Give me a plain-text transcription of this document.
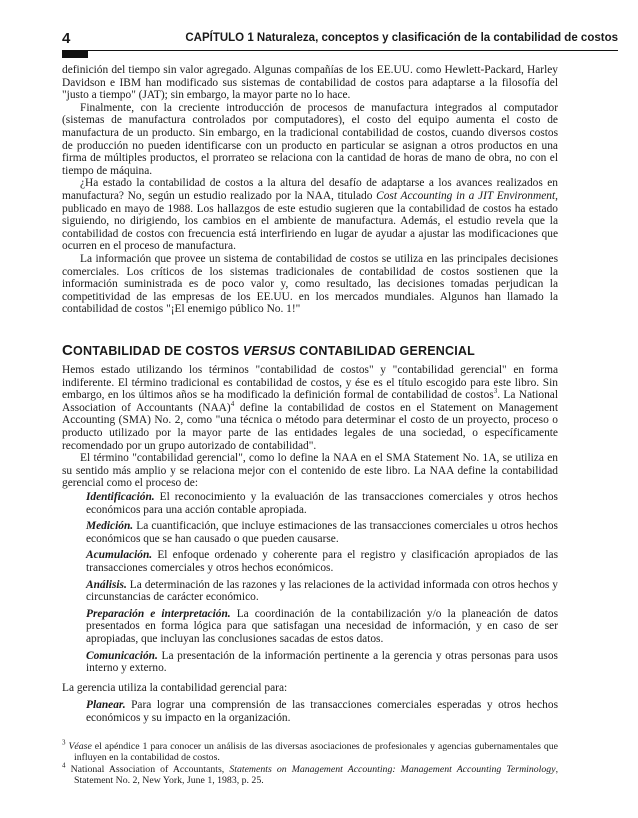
4	CAPÍTULO 1 Naturaleza, conceptos y clasificación de la contabilidad de costos

definición del tiempo sin valor agregado. Algunas compañías de los EE.UU. como Hewlett-Packard, Harley Davidson e IBM han modificado sus sistemas de contabilidad de costos para adaptarse a la filosofía del "justo a tiempo" (JAT); sin embargo, la mayor parte no lo hace.

Finalmente, con la creciente introducción de procesos de manufactura integrados al computador (sistemas de manufactura controlados por computadores), el costo del equipo aumenta el costo de manufactura de un producto. Sin embargo, en la tradicional contabilidad de costos, cuando diversos costos de producción no pueden identificarse con un producto en particular se asignan a otros productos en una firma de múltiples productos, el prorrateo se relaciona con la cantidad de horas de mano de obra, no con el tiempo de máquina.

¿Ha estado la contabilidad de costos a la altura del desafío de adaptarse a los avances realizados en manufactura? No, según un estudio realizado por la NAA, titulado Cost Accounting in a JIT Environment, publicado en mayo de 1988. Los hallazgos de este estudio sugieren que la contabilidad de costos ha estado siguiendo, no dirigiendo, los cambios en el ambiente de manufactura. Además, el estudio revela que la contabilidad de costos con frecuencia está interfiriendo en lugar de ayudar a ajustar las modificaciones que ocurren en el proceso de manufactura.

La información que provee un sistema de contabilidad de costos se utiliza en las principales decisiones comerciales. Los críticos de los sistemas tradicionales de contabilidad de costos sostienen que la información suministrada es de poco valor y, como resultado, las decisiones tomadas perjudican la competitividad de las empresas de los EE.UU. en los mercados mundiales. Algunos han llamado la contabilidad de costos "¡El enemigo público No. 1!"

CONTABILIDAD DE COSTOS VERSUS CONTABILIDAD GERENCIAL

Hemos estado utilizando los términos "contabilidad de costos" y "contabilidad gerencial" en forma indiferente. El término tradicional es contabilidad de costos, y ése es el título escogido para este libro. Sin embargo, en los últimos años se ha modificado la definición formal de contabilidad de costos$^3$. La National Association of Accountants (NAA)$^4$ define la contabilidad de costos en el Statement on Management Accounting (SMA) No. 2, como "una técnica o método para determinar el costo de un proyecto, proceso o producto utilizado por la mayor parte de las entidades legales de una sociedad, o específicamente recomendado por un grupo autorizado de contabilidad".

El término "contabilidad gerencial", como lo define la NAA en el SMA Statement No. 1A, se utiliza en su sentido más amplio y se relaciona mejor con el contenido de este libro. La NAA define la contabilidad gerencial como el proceso de:

Identificación. El reconocimiento y la evaluación de las transacciones comerciales y otros hechos económicos para una acción contable apropiada.
Medición. La cuantificación, que incluye estimaciones de las transacciones comerciales u otros hechos económicos que se han causado o que pueden causarse.
Acumulación. El enfoque ordenado y coherente para el registro y clasificación apropiados de las transacciones comerciales y otros hechos económicos.
Análisis. La determinación de las razones y las relaciones de la actividad informada con otros hechos y circunstancias de carácter económico.
Preparación e interpretación. La coordinación de la contabilización y/o la planeación de datos presentados en forma lógica para que satisfagan una necesidad de información, y en caso de ser apropiadas, que incluyan las conclusiones sacadas de estos datos.
Comunicación. La presentación de la información pertinente a la gerencia y otras personas para usos interno y externo.
La gerencia utiliza la contabilidad gerencial para:
Planear. Para lograr una comprensión de las transacciones comerciales esperadas y otros hechos económicos y su impacto en la organización.
$^3$ Véase el apéndice 1 para conocer un análisis de las diversas asociaciones de profesionales y agencias gubernamentales que influyen en la contabilidad de costos.
$^4$ National Association of Accountants, Statements on Management Accounting: Management Accounting Terminology, Statement No. 2, New York, June 1, 1983, p. 25.
